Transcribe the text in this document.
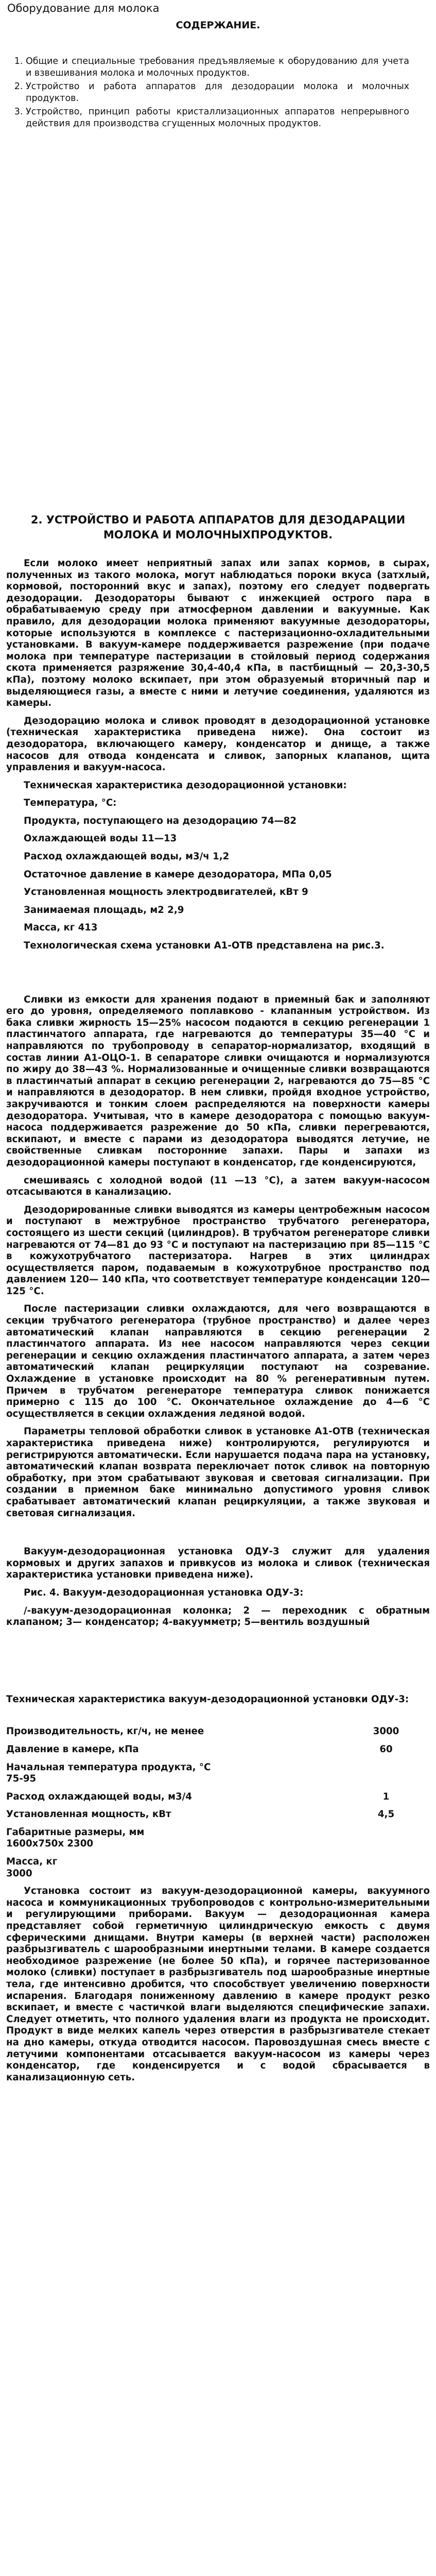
Оборудование для молока
СОДЕРЖАНИЕ.
1. Общие и специальные требования предъявляемые к оборудованию для учета и взвешивания молока и молочных продуктов.
2. Устройство и работа аппаратов для дезодорации молока и молочных продуктов.
3. Устройство, принцип работы кристаллизационных аппаратов непрерывного действия для производства сгущенных молочных продуктов.
2. УСТРОЙСТВО И РАБОТА АППАРАТОВ ДЛЯ ДЕЗОДАРАЦИИ МОЛОКА И МОЛОЧНЫХПРОДУКТОВ.

Если молоко имеет неприятный запах или запах кормов, в сырах, полученных из такого молока, могут наблюдаться пороки вкуса (затхлый, кормовой, посторонний вкус и запах), поэтому его следует подвергать дезодорации. Дезодораторы бывают с инжекцией острого пара в обрабатываемую среду при атмосферном давлении и вакуумные. Как правило, для дезодорации молока применяют вакуумные дезодораторы, которые используются в комплексе с пастеризационно-охладительными установками. В вакуум-камере поддерживается разрежение (при подаче молока при температуре пастеризации в стойловый период содержания скота применяется разряжение 30,4-40,4 кПа, в пастбищный — 20,3-30,5 кПа), поэтому молоко вскипает, при этом образуемый вторичный пар и выделяющиеся газы, а вместе с ними и летучие соединения, удаляются из камеры.

Дезодорацию молока и сливок проводят в дезодорационной установке (техническая характеристика приведена ниже). Она состоит из дезодоратора, включающего камеру, конденсатор и днище, а также насосов для отвода конденсата и сливок, запорных клапанов, щита управления и вакуум-насоса.

Техническая характеристика дезодорационной установки:

Температура, °С:

Продукта, поступающего на дезодорацию 74—82

Охлаждающей воды 11—13

Расход охлаждающей воды, м3/ч 1,2

Остаточное давление в камере дезодоратора, МПа 0,05

Установленная мощность электродвигателей, кВт 9

Занимаемая площадь, м2 2,9

Масса, кг 413

Технологическая схема установки А1-ОТВ представлена на рис.3.

Сливки из емкости для хранения подают в приемный бак и заполняют его до уровня, определяемого поплавково - клапанным устройством. Из бака сливки жирность 15—25% насосом подаются в секцию регенерации 1 пластинчатого аппарата, где нагреваются до температуры 35—40 °С и направляются по трубопроводу в сепаратор-нормализатор, входящий в состав линии А1-ОЦО-1. В сепараторе сливки очищаются и нормализуются по жиру до 38—43 %. Нормализованные и очищенные сливки возвращаются в пластинчатый аппарат в секцию регенерации 2, нагреваются до 75—85 °С и направляются в дезодоратор. В нем сливки, пройдя входное устройство, закручиваются и тонким слоем распределяются на поверхности камеры дезодоратора. Учитывая, что в камере дезодоратора с помощью вакуум-насоса поддерживается разрежение до 50 кПа, сливки перегреваются, вскипают, и вместе с парами из дезодоратора выводятся летучие, не свойственные сливкам посторонние запахи. Пары и запахи из дезодорационной камеры поступают в конденсатор, где конденсируются,

смешиваясь с холодной водой (11 —13 °С), а затем вакуум-насосом отсасываются в канализацию.

Дезодорированные сливки выводятся из камеры центробежным насосом и поступают в межтрубное пространство трубчатого регенератора, состоящего из шести секций (цилиндров). В трубчатом регенераторе сливки нагреваются от 74—81 до 93 °С и поступают на пастеризацию при 85—115 °С в кожухотрубчатого пастеризатора. Нагрев в этих цилиндрах осуществляется паром, подаваемым в кожухотрубное пространство под давлением 120— 140 кПа, что соответствует температуре конденсации 120—125 °С.

После пастеризации сливки охлаждаются, для чего возвращаются в секции трубчатого регенератора (трубное пространство) и далее через автоматический клапан направляются в секцию регенерации 2 пластинчатого аппарата. Из нее насосом направляются через секции регенерации и секцию охлаждения пластинчатого аппарата, а затем через автоматический клапан рециркуляции поступают на созревание. Охлаждение в установке происходит на 80 % регенеративным путем. Причем в трубчатом регенераторе температура сливок понижается примерно с 115 до 100 °С. Окончательное охлаждение до 4—6 °С осуществляется в секции охлаждения ледяной водой.

Параметры тепловой обработки сливок в установке А1-ОТВ (техническая характеристика приведена ниже) контролируются, регулируются и регистрируются автоматически. Если нарушается подача пара на установку, автоматический клапан возврата переключает поток сливок на повторную обработку, при этом срабатывают звуковая и световая сигнализации. При создании в приемном баке минимально допустимого уровня сливок срабатывает автоматический клапан рециркуляции, а также звуковая и световая сигнализация.

Вакуум-дезодорационная установка ОДУ-3 служит для удаления кормовых и других запахов и привкусов из молока и сливок (техническая характеристика установки приведена ниже).

Рис. 4. Вакуум-дезодорационная установка ОДУ-3:

/-вакуум-дезодорационная колонка; 2 — переходник с обратным клапаном; 3— конденсатор; 4-вакуумметр; 5—вентиль воздушный

Техническая характеристика вакуум-дезодорационной установки ОДУ-3:
Производительность, кг/ч, не менее	3000
Давление в камере, кПа	60
Начальная температура продукта, °С
75-95	
Расход охлаждающей воды, м3/4	1
Установленная мощность, кВт	4,5
Габаритные размеры, мм
1600x750x 2300	
Масса, кг
3000	

Установка состоит из вакуум-дезодорационной камеры, вакуумного насоса и коммуникационных трубопроводов с контрольно-измерительными и регулирующими приборами. Вакуум — дезодорационная камера представляет собой герметичную цилиндрическую емкость с двумя сферическими днищами. Внутри камеры (в верхней части) расположен разбрызгиватель с шарообразными инертными телами. В камере создается необходимое разрежение (не более 50 кПа), и горячее пастеризованное молоко (сливки) поступает в разбрызгиватель под шарообразные инертные тела, где интенсивно дробится, что способствует увеличению поверхности испарения. Благодаря пониженному давлению в камере продукт резко вскипает, и вместе с частичкой влаги выделяются специфические запахи. Следует отметить, что полного удаления влаги из продукта не происходит. Продукт в виде мелких капель через отверстия в разбрызгивателе стекает на дно камеры, откуда отводится насосом. Паровоздушная смесь вместе с летучими компонентами отсасывается вакуум-насосом из камеры через конденсатор, где конденсируется и с водой сбрасывается в канализационную сеть.
